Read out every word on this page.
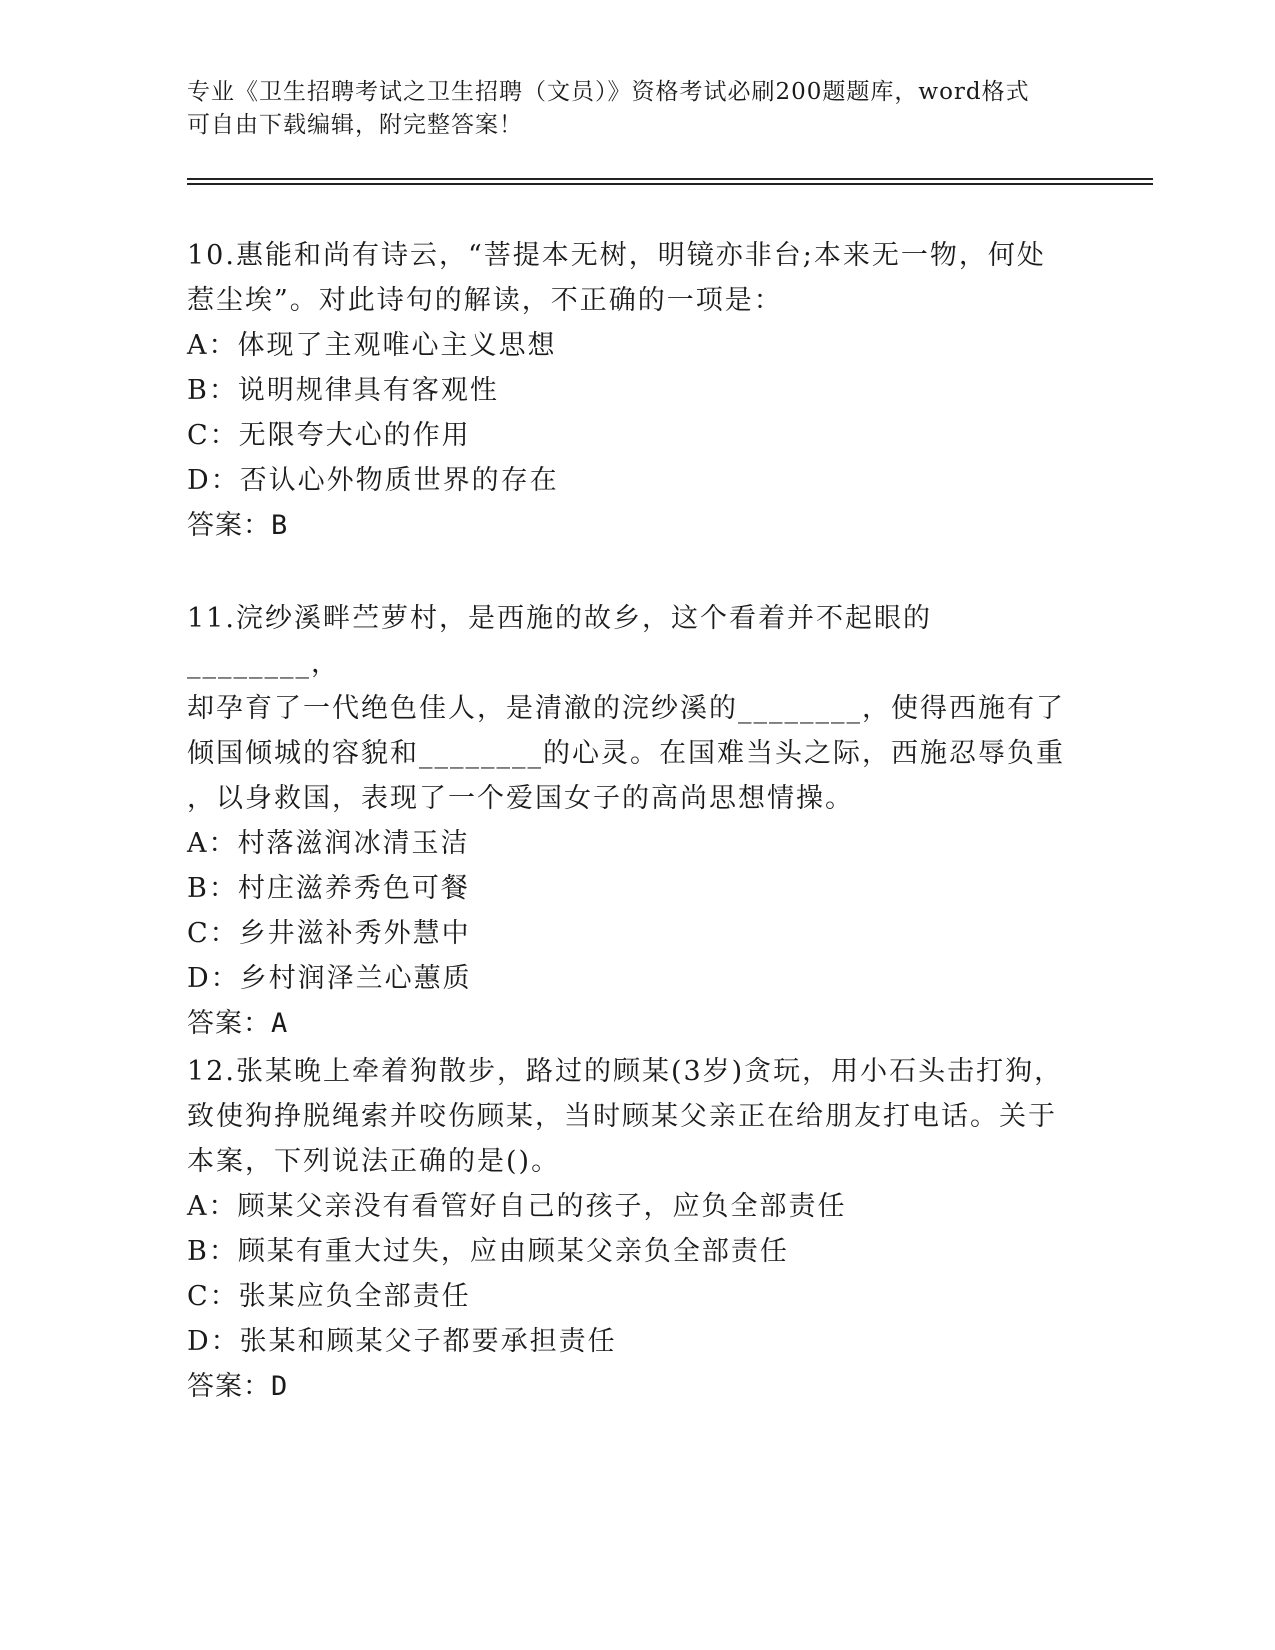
专业《卫生招聘考试之卫生招聘（文员）》资格考试必刷200题题库，word格式
可自由下载编辑，附完整答案！

10.惠能和尚有诗云，“菩提本无树，明镜亦非台;本来无一物，何处

惹尘埃”。对此诗句的解读，不正确的一项是：

A：体现了主观唯心主义思想

B：说明规律具有客观性

C：无限夸大心的作用

D：否认心外物质世界的存在

答案：B

11.浣纱溪畔苎萝村，是西施的故乡，这个看着并不起眼的________，

却孕育了一代绝色佳人，是清澈的浣纱溪的________，使得西施有了

倾国倾城的容貌和________的心灵。在国难当头之际，西施忍辱负重

，以身救国，表现了一个爱国女子的高尚思想情操。

A：村落滋润冰清玉洁

B：村庄滋养秀色可餐

C：乡井滋补秀外慧中

D：乡村润泽兰心蕙质

答案：A

12.张某晚上牵着狗散步，路过的顾某(3岁)贪玩，用小石头击打狗，

致使狗挣脱绳索并咬伤顾某，当时顾某父亲正在给朋友打电话。关于

本案，下列说法正确的是()。

A：顾某父亲没有看管好自己的孩子，应负全部责任

B：顾某有重大过失，应由顾某父亲负全部责任

C：张某应负全部责任

D：张某和顾某父子都要承担责任

答案：D
